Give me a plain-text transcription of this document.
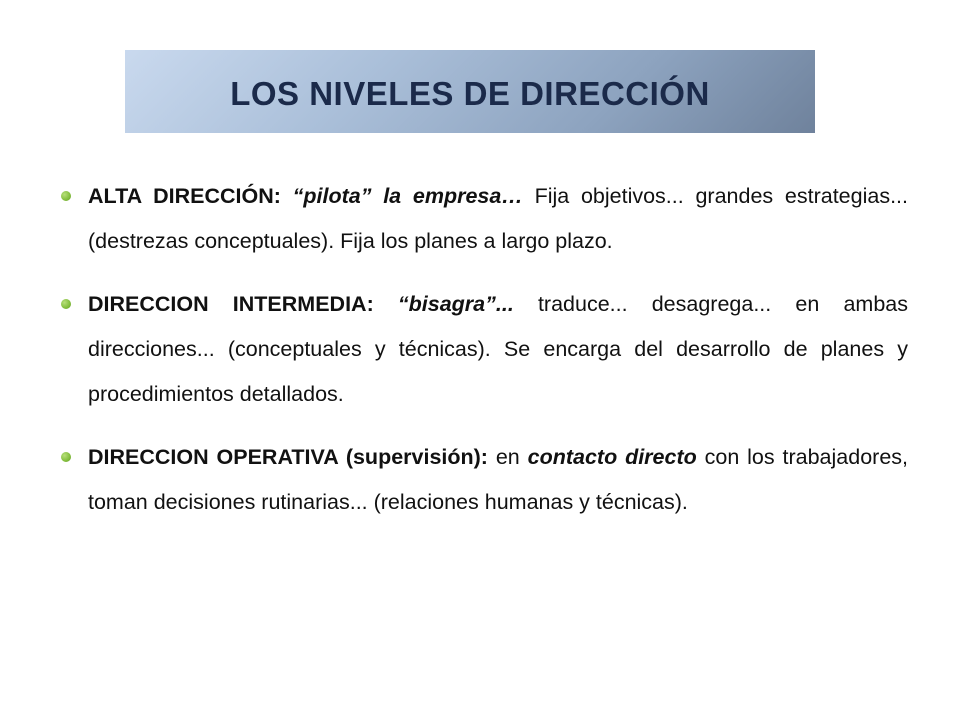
LOS NIVELES DE DIRECCIÓN
ALTA DIRECCIÓN: “pilota” la empresa… Fija objetivos... grandes estrategias... (destrezas conceptuales). Fija los planes a largo plazo.
DIRECCION INTERMEDIA: “bisagra”... traduce... desagrega... en ambas direcciones... (conceptuales y técnicas). Se encarga del desarrollo de planes y procedimientos detallados.
DIRECCION OPERATIVA (supervisión): en contacto directo con los trabajadores, toman decisiones rutinarias... (relaciones humanas y técnicas).
